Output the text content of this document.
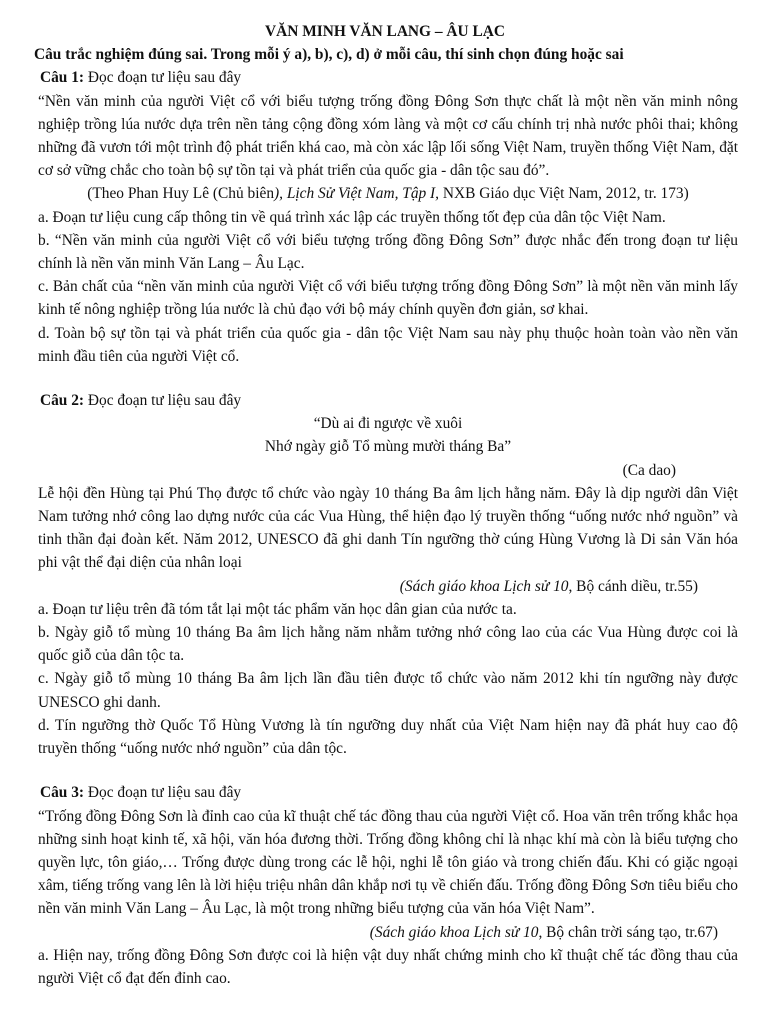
VĂN MINH VĂN LANG – ÂU LẠC

Câu trắc nghiệm đúng sai. Trong mỗi ý a), b), c), d) ở mỗi câu, thí sinh chọn đúng hoặc sai

Câu 1: Đọc đoạn tư liệu sau đây

“Nền văn minh của người Việt cổ với biểu tượng trống đồng Đông Sơn thực chất là một nền văn minh nông nghiệp trồng lúa nước dựa trên nền tảng cộng đồng xóm làng và một cơ cấu chính trị nhà nước phôi thai; không những đã vươn tới một trình độ phát triển khá cao, mà còn xác lập lối sống Việt Nam, truyền thống Việt Nam, đặt cơ sở vững chắc cho toàn bộ sự tồn tại và phát triển của quốc gia - dân tộc sau đó”.

(Theo Phan Huy Lê (Chủ biên), Lịch Sử Việt Nam, Tập I, NXB Giáo dục Việt Nam, 2012, tr. 173)

a. Đoạn tư liệu cung cấp thông tin về quá trình xác lập các truyền thống tốt đẹp của dân tộc Việt Nam.

b. “Nền văn minh của người Việt cổ với biểu tượng trống đồng Đông Sơn” được nhắc đến trong đoạn tư liệu chính là nền văn minh Văn Lang – Âu Lạc.

c. Bản chất của “nền văn minh của người Việt cổ với biểu tượng trống đồng Đông Sơn” là một nền văn minh lấy kinh tế nông nghiệp trồng lúa nước là chủ đạo với bộ máy chính quyền đơn giản, sơ khai.

d. Toàn bộ sự tồn tại và phát triển của quốc gia - dân tộc Việt Nam sau này phụ thuộc hoàn toàn vào nền văn minh đầu tiên của người Việt cổ.

Câu 2: Đọc đoạn tư liệu sau đây

“Dù ai đi ngược về xuôi

Nhớ ngày giỗ Tổ mùng mười tháng Ba”

(Ca dao)

Lễ hội đền Hùng tại Phú Thọ được tổ chức vào ngày 10 tháng Ba âm lịch hằng năm. Đây là dịp người dân Việt Nam tưởng nhớ công lao dựng nước của các Vua Hùng, thể hiện đạo lý truyền thống “uống nước nhớ nguồn” và tinh thần đại đoàn kết. Năm 2012, UNESCO đã ghi danh Tín ngưỡng thờ cúng Hùng Vương là Di sản Văn hóa phi vật thể đại diện của nhân loại

(Sách giáo khoa Lịch sử 10, Bộ cánh diều, tr.55)

a. Đoạn tư liệu trên đã tóm tắt lại một tác phẩm văn học dân gian của nước ta.

b. Ngày giỗ tổ mùng 10 tháng Ba âm lịch hằng năm nhằm tưởng nhớ công lao của các Vua Hùng được coi là quốc giỗ của dân tộc ta.

c. Ngày giỗ tổ mùng 10 tháng Ba âm lịch lần đầu tiên được tổ chức vào năm 2012 khi tín ngưỡng này được UNESCO ghi danh.

d. Tín ngưỡng thờ Quốc Tổ Hùng Vương là tín ngưỡng duy nhất của Việt Nam hiện nay đã phát huy cao độ truyền thống “uống nước nhớ nguồn” của dân tộc.

Câu 3: Đọc đoạn tư liệu sau đây

“Trống đồng Đông Sơn là đỉnh cao của kĩ thuật chế tác đồng thau của người Việt cổ. Hoa văn trên trống khắc họa những sinh hoạt kinh tế, xã hội, văn hóa đương thời. Trống đồng không chỉ là nhạc khí mà còn là biểu tượng cho quyền lực, tôn giáo,… Trống được dùng trong các lễ hội, nghi lễ tôn giáo và trong chiến đấu. Khi có giặc ngoại xâm, tiếng trống vang lên là lời hiệu triệu nhân dân khắp nơi tụ về chiến đấu. Trống đồng Đông Sơn tiêu biểu cho nền văn minh Văn Lang – Âu Lạc, là một trong những biểu tượng của văn hóa Việt Nam”.

(Sách giáo khoa Lịch sử 10, Bộ chân trời sáng tạo, tr.67)

a. Hiện nay, trống đồng Đông Sơn được coi là hiện vật duy nhất chứng minh cho kĩ thuật chế tác đồng thau của người Việt cổ đạt đến đỉnh cao.
